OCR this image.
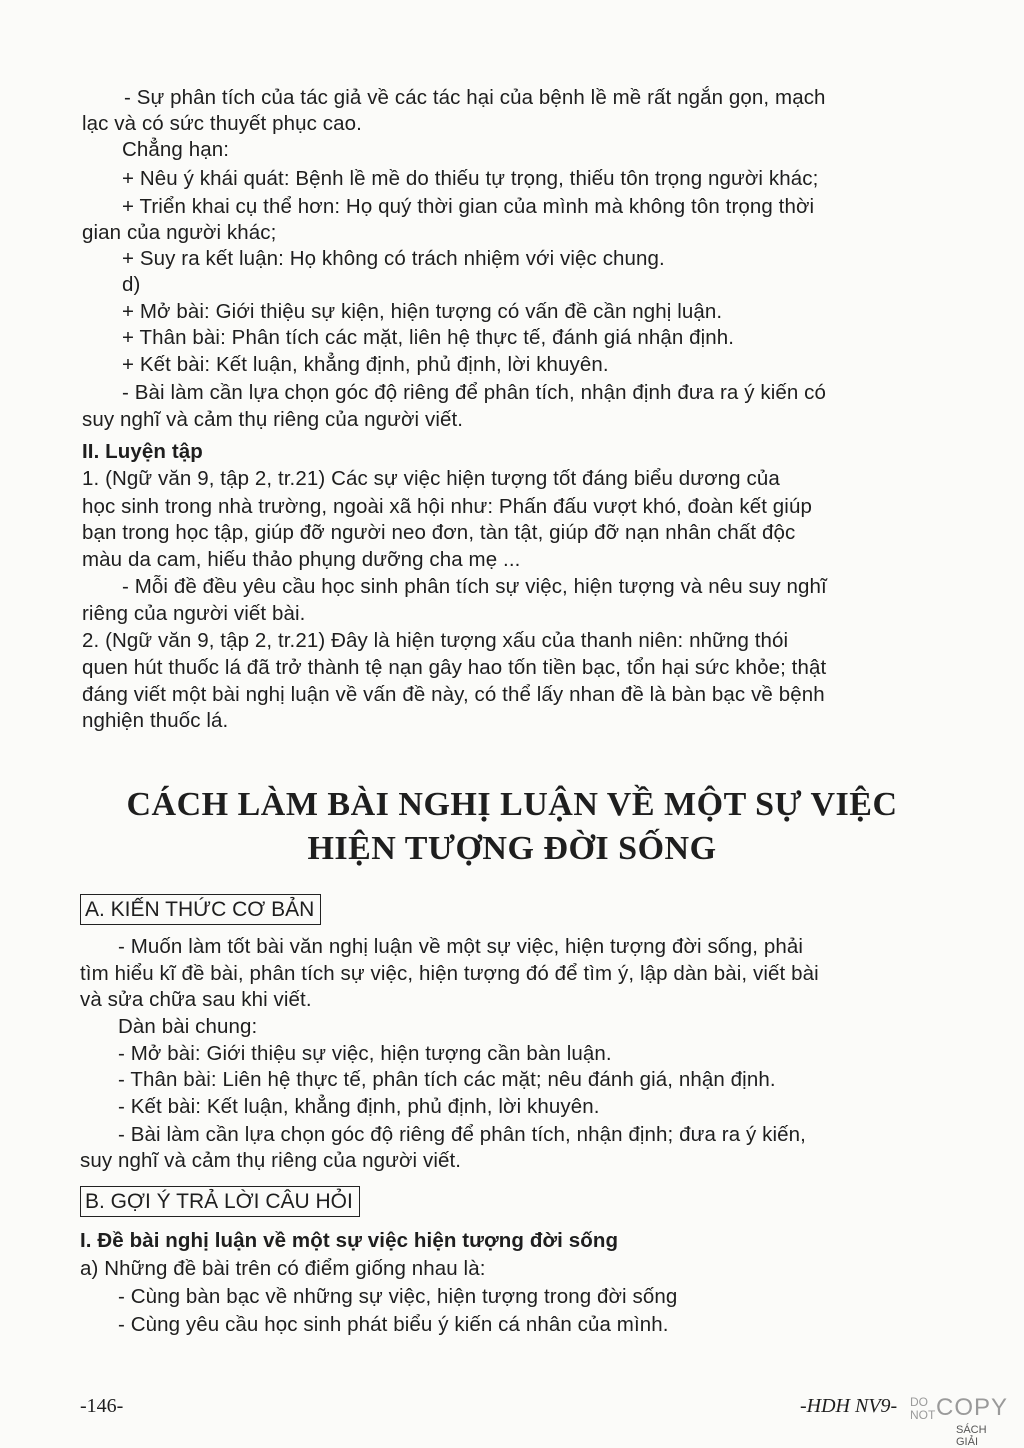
- Sự phân tích của tác giả về các tác hại của bệnh lề mề rất ngắn gọn, mạch
lạc và có sức thuyết phục cao.
Chẳng hạn:
+ Nêu ý khái quát: Bệnh lề mề do thiếu tự trọng, thiếu tôn trọng người khác;
+ Triển khai cụ thể hơn: Họ quý thời gian của mình mà không tôn trọng thời
gian của người khác;
+ Suy ra kết luận: Họ không có trách nhiệm với việc chung.
d)
+ Mở bài: Giới thiệu sự kiện, hiện tượng có vấn đề cần nghị luận.
+ Thân bài: Phân tích các mặt, liên hệ thực tế, đánh giá nhận định.
+ Kết bài: Kết luận, khẳng định, phủ định, lời khuyên.
- Bài làm cần lựa chọn góc độ riêng để phân tích, nhận định đưa ra ý kiến có
suy nghĩ và cảm thụ riêng của người viết.
II. Luyện tập
1. (Ngữ văn 9, tập 2, tr.21) Các sự việc hiện tượng tốt đáng biểu dương của
học sinh trong nhà trường, ngoài xã hội như: Phấn đấu vượt khó, đoàn kết giúp
bạn trong học tập, giúp đỡ người neo đơn, tàn tật, giúp đỡ nạn nhân chất độc
màu da cam, hiếu thảo phụng dưỡng cha mẹ ...
- Mỗi đề đều yêu cầu học sinh phân tích sự việc, hiện tượng và nêu suy nghĩ
riêng của người viết bài.
2. (Ngữ văn 9, tập 2, tr.21) Đây là hiện tượng xấu của thanh niên: những thói
quen hút thuốc lá đã trở thành tệ nạn gây hao tốn tiền bạc, tổn hại sức khỏe; thật
đáng viết một bài nghị luận về vấn đề này, có thể lấy nhan đề là bàn bạc về bệnh
nghiện thuốc lá.
CÁCH LÀM BÀI NGHỊ LUẬN VỀ MỘT SỰ VIỆC
HIỆN TƯỢNG ĐỜI SỐNG
A. KIẾN THỨC CƠ BẢN
- Muốn làm tốt bài văn nghị luận về một sự việc, hiện tượng đời sống, phải
tìm hiểu kĩ đề bài, phân tích sự việc, hiện tượng đó để tìm ý, lập dàn bài, viết bài
và sửa chữa sau khi viết.
Dàn bài chung:
- Mở bài: Giới thiệu sự việc, hiện tượng cần bàn luận.
- Thân bài: Liên hệ thực tế, phân tích các mặt; nêu đánh giá, nhận định.
- Kết bài: Kết luận, khẳng định, phủ định, lời khuyên.
- Bài làm cần lựa chọn góc độ riêng để phân tích, nhận định; đưa ra ý kiến,
suy nghĩ và cảm thụ riêng của người viết.
B. GỢI Ý TRẢ LỜI CÂU HỎI
I. Đề bài nghị luận về một sự việc hiện tượng đời sống
a) Những đề bài trên có điểm giống nhau là:
- Cùng bàn bạc về những sự việc, hiện tượng trong đời sống
- Cùng yêu cầu học sinh phát biểu ý kiến cá nhân của mình.
-146-	-HDH NV9- DO
NOT COPY
SÁCH GIẢI
